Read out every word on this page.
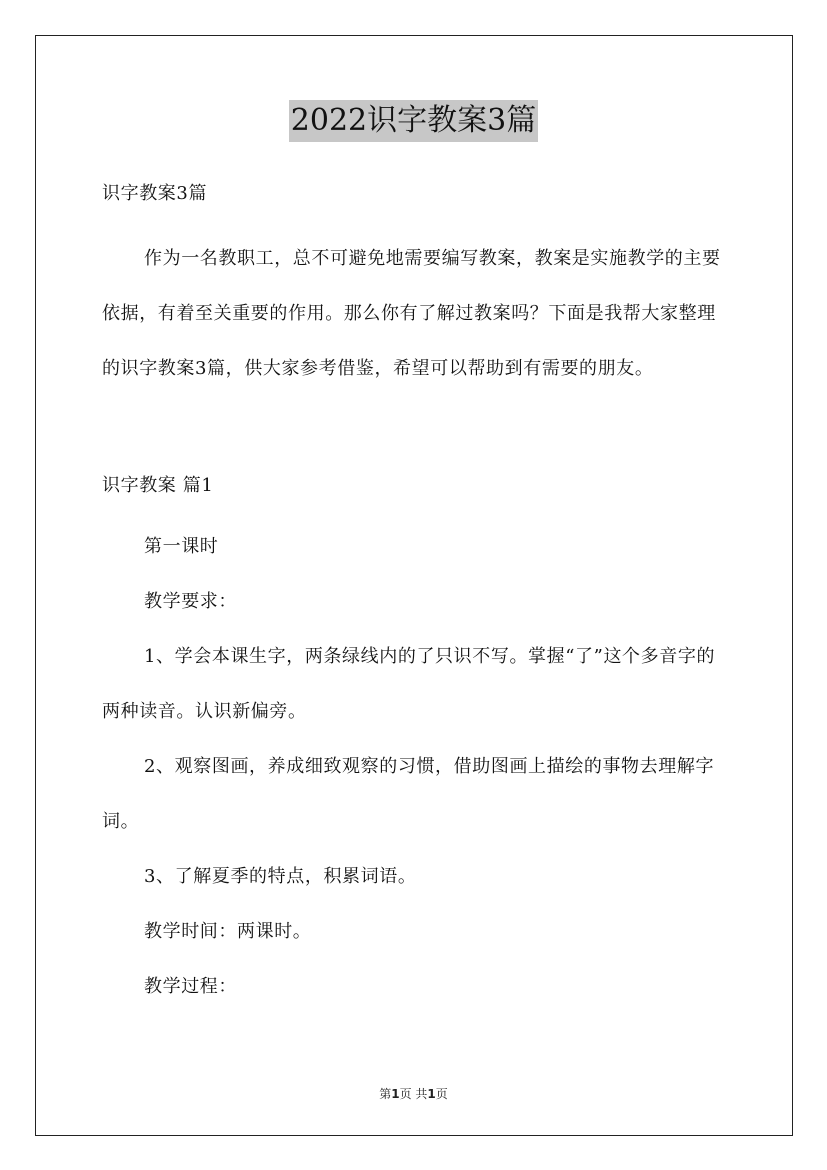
2022识字教案3篇
识字教案3篇

作为一名教职工，总不可避免地需要编写教案，教案是实施教学的主要依据，有着至关重要的作用。那么你有了解过教案吗？下面是我帮大家整理的识字教案3篇，供大家参考借鉴，希望可以帮助到有需要的朋友。

识字教案 篇1

第一课时

教学要求：

1、学会本课生字，两条绿线内的了只识不写。掌握“了”这个多音字的两种读音。认识新偏旁。

2、观察图画，养成细致观察的习惯，借助图画上描绘的事物去理解字词。

3、了解夏季的特点，积累词语。

教学时间：两课时。

教学过程：

第1页 共1页
